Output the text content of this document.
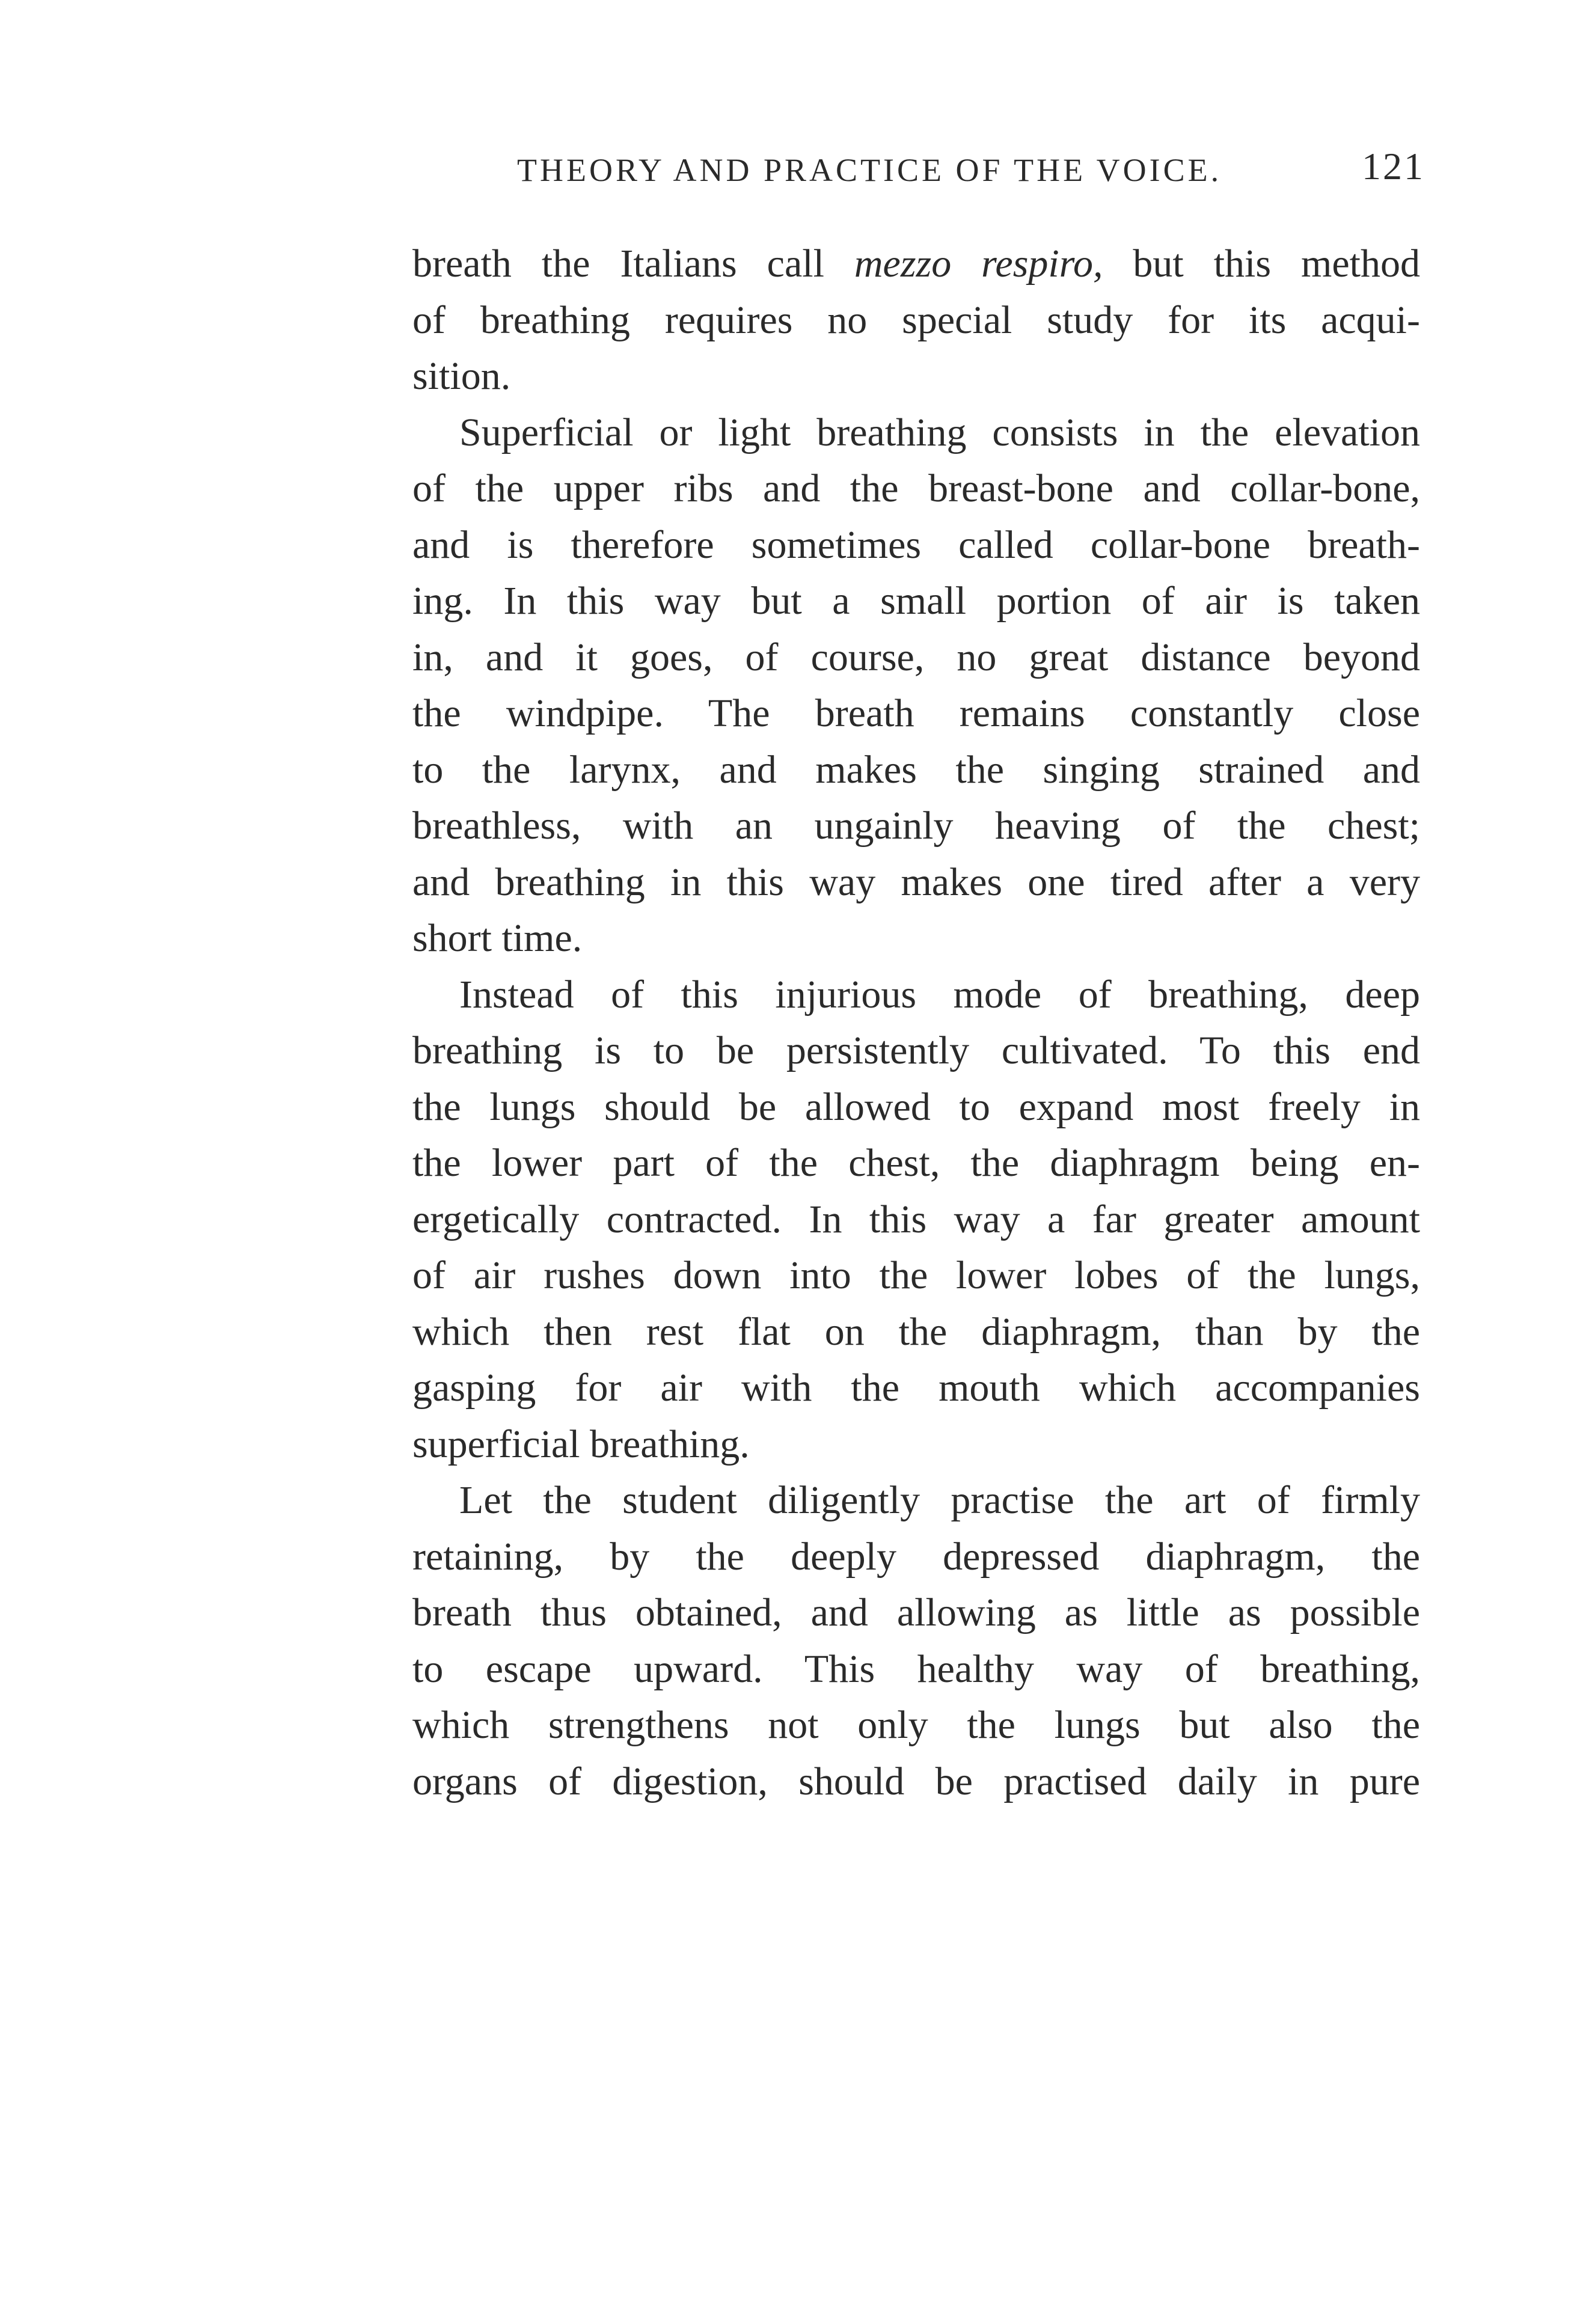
THEORY AND PRACTICE OF THE VOICE.	121
breath the Italians call mezzo respiro, but this method
of breathing requires no special study for its acqui-
sition.
Superficial or light breathing consists in the elevation
of the upper ribs and the breast-bone and collar-bone,
and is therefore sometimes called collar-bone breath-
ing. In this way but a small portion of air is taken
in, and it goes, of course, no great distance beyond
the windpipe. The breath remains constantly close
to the larynx, and makes the singing strained and
breathless, with an ungainly heaving of the chest;
and breathing in this way makes one tired after a very
short time.
Instead of this injurious mode of breathing, deep
breathing is to be persistently cultivated. To this end
the lungs should be allowed to expand most freely in
the lower part of the chest, the diaphragm being en-
ergetically contracted. In this way a far greater amount
of air rushes down into the lower lobes of the lungs,
which then rest flat on the diaphragm, than by the
gasping for air with the mouth which accompanies
superficial breathing.
Let the student diligently practise the art of firmly
retaining, by the deeply depressed diaphragm, the
breath thus obtained, and allowing as little as possible
to escape upward. This healthy way of breathing,
which strengthens not only the lungs but also the
organs of digestion, should be practised daily in pure
